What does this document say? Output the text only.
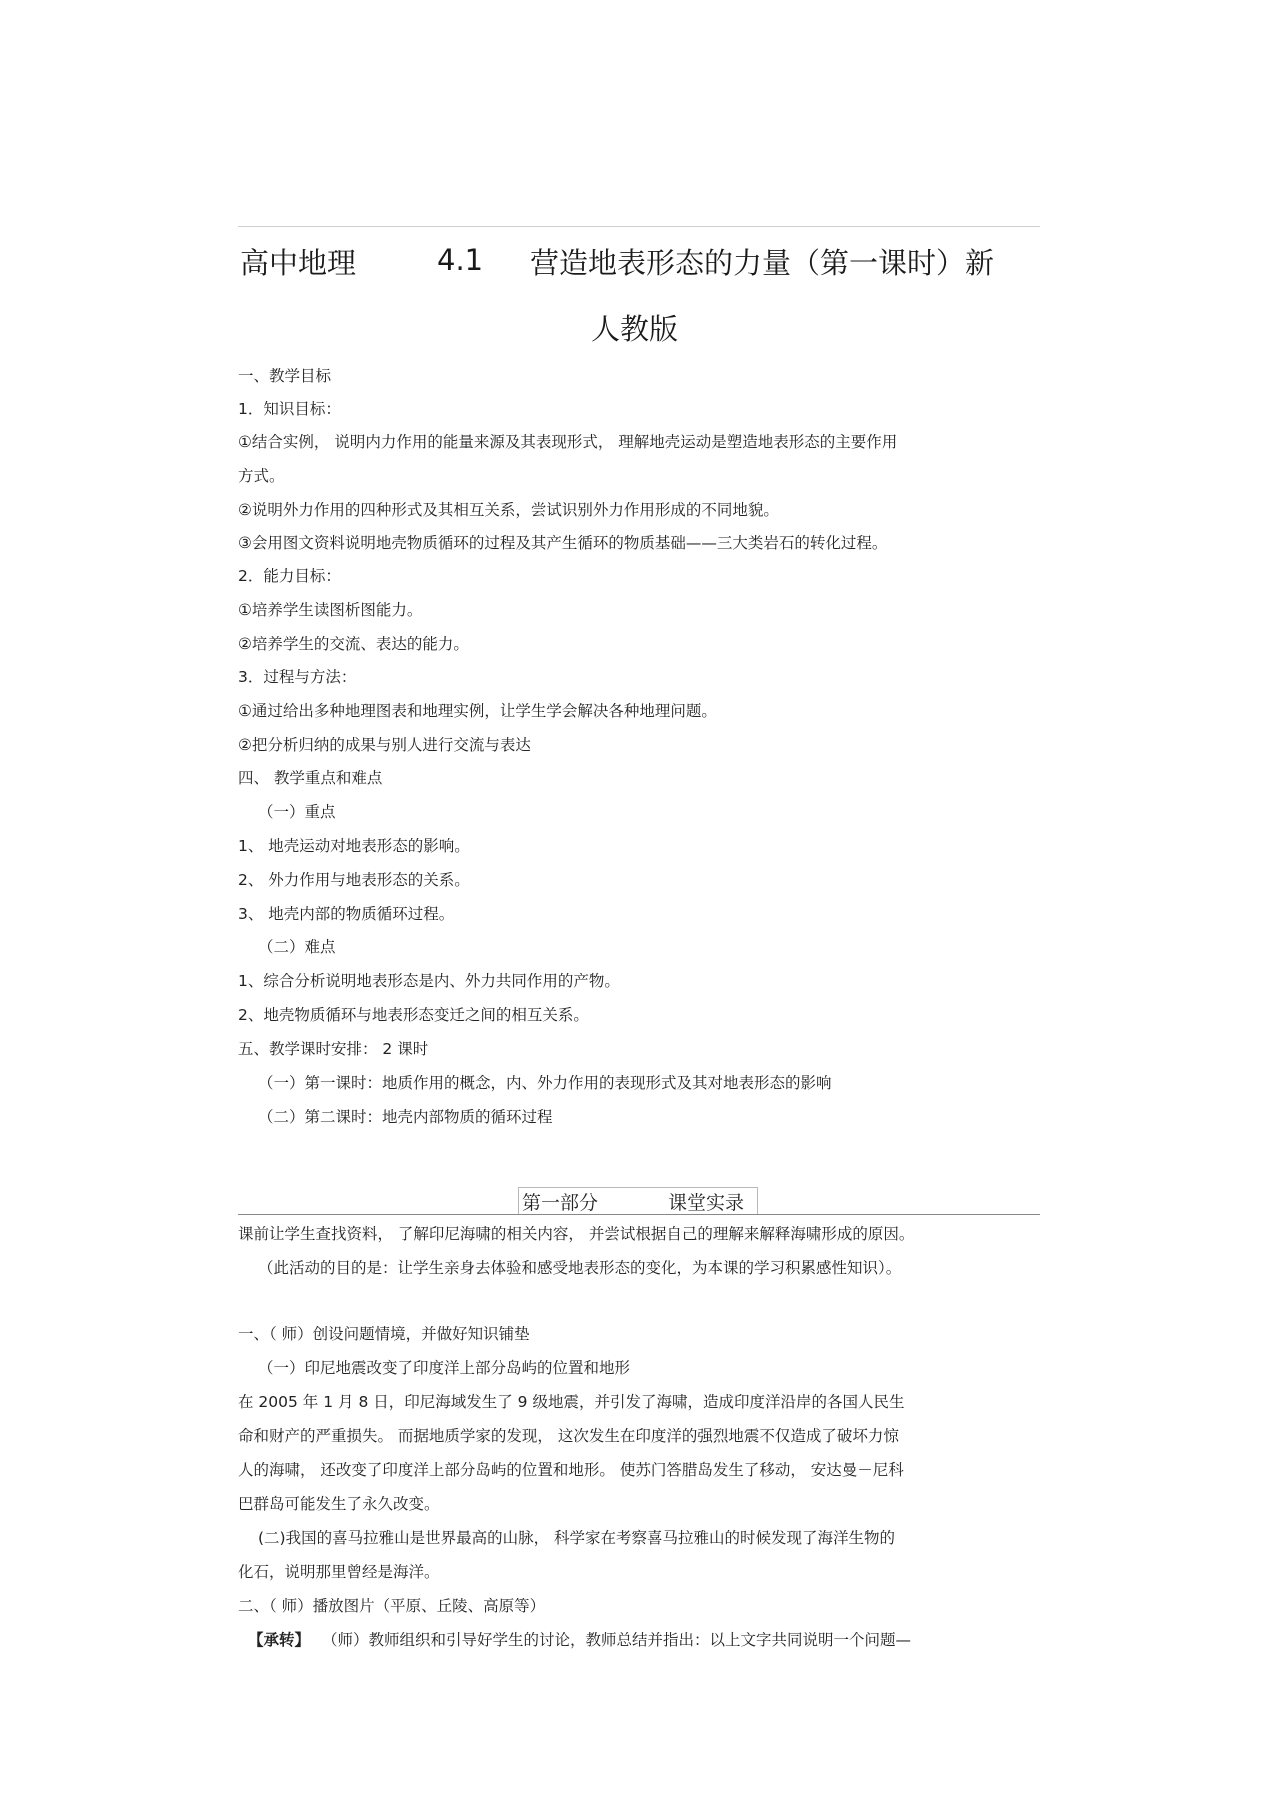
高中地理	4.1 营造地表形态的力量（第一课时）新
人教版
一、教学目标
1．知识目标：
①结合实例， 说明内力作用的能量来源及其表现形式， 理解地壳运动是塑造地表形态的主要作用
方式。
②说明外力作用的四种形式及其相互关系，尝试识别外力作用形成的不同地貌。
③会用图文资料说明地壳物质循环的过程及其产生循环的物质基础——三大类岩石的转化过程。
2．能力目标：
①培养学生读图析图能力。
②培养学生的交流、表达的能力。
3．过程与方法：
①通过给出多种地理图表和地理实例，让学生学会解决各种地理问题。
②把分析归纳的成果与别人进行交流与表达
四、 教学重点和难点
（一）重点
1、 地壳运动对地表形态的影响。
2、 外力作用与地表形态的关系。
3、 地壳内部的物质循环过程。
（二）难点
1、综合分析说明地表形态是内、外力共同作用的产物。
2、地壳物质循环与地表形态变迁之间的相互关系。
五、教学课时安排： 2 课时
（一）第一课时：地质作用的概念，内、外力作用的表现形式及其对地表形态的影响
（二）第二课时：地壳内部物质的循环过程
第一部分	课堂实录
课前让学生查找资料， 了解印尼海啸的相关内容， 并尝试根据自己的理解来解释海啸形成的原因。
（此活动的目的是：让学生亲身去体验和感受地表形态的变化，为本课的学习积累感性知识）。
一、（ 师）创设问题情境，并做好知识铺垫
（一）印尼地震改变了印度洋上部分岛屿的位置和地形
在 2005 年 1 月 8 日，印尼海域发生了 9 级地震，并引发了海啸，造成印度洋沿岸的各国人民生
命和财产的严重损失。 而据地质学家的发现， 这次发生在印度洋的强烈地震不仅造成了破坏力惊
人的海啸， 还改变了印度洋上部分岛屿的位置和地形。 使苏门答腊岛发生了移动， 安达曼－尼科
巴群岛可能发生了永久改变。
(二)我国的喜马拉雅山是世界最高的山脉， 科学家在考察喜马拉雅山的时候发现了海洋生物的
化石，说明那里曾经是海洋。
二、（ 师）播放图片（平原、丘陵、高原等）
【承转】 （师）教师组织和引导好学生的讨论，教师总结并指出：以上文字共同说明一个问题—
